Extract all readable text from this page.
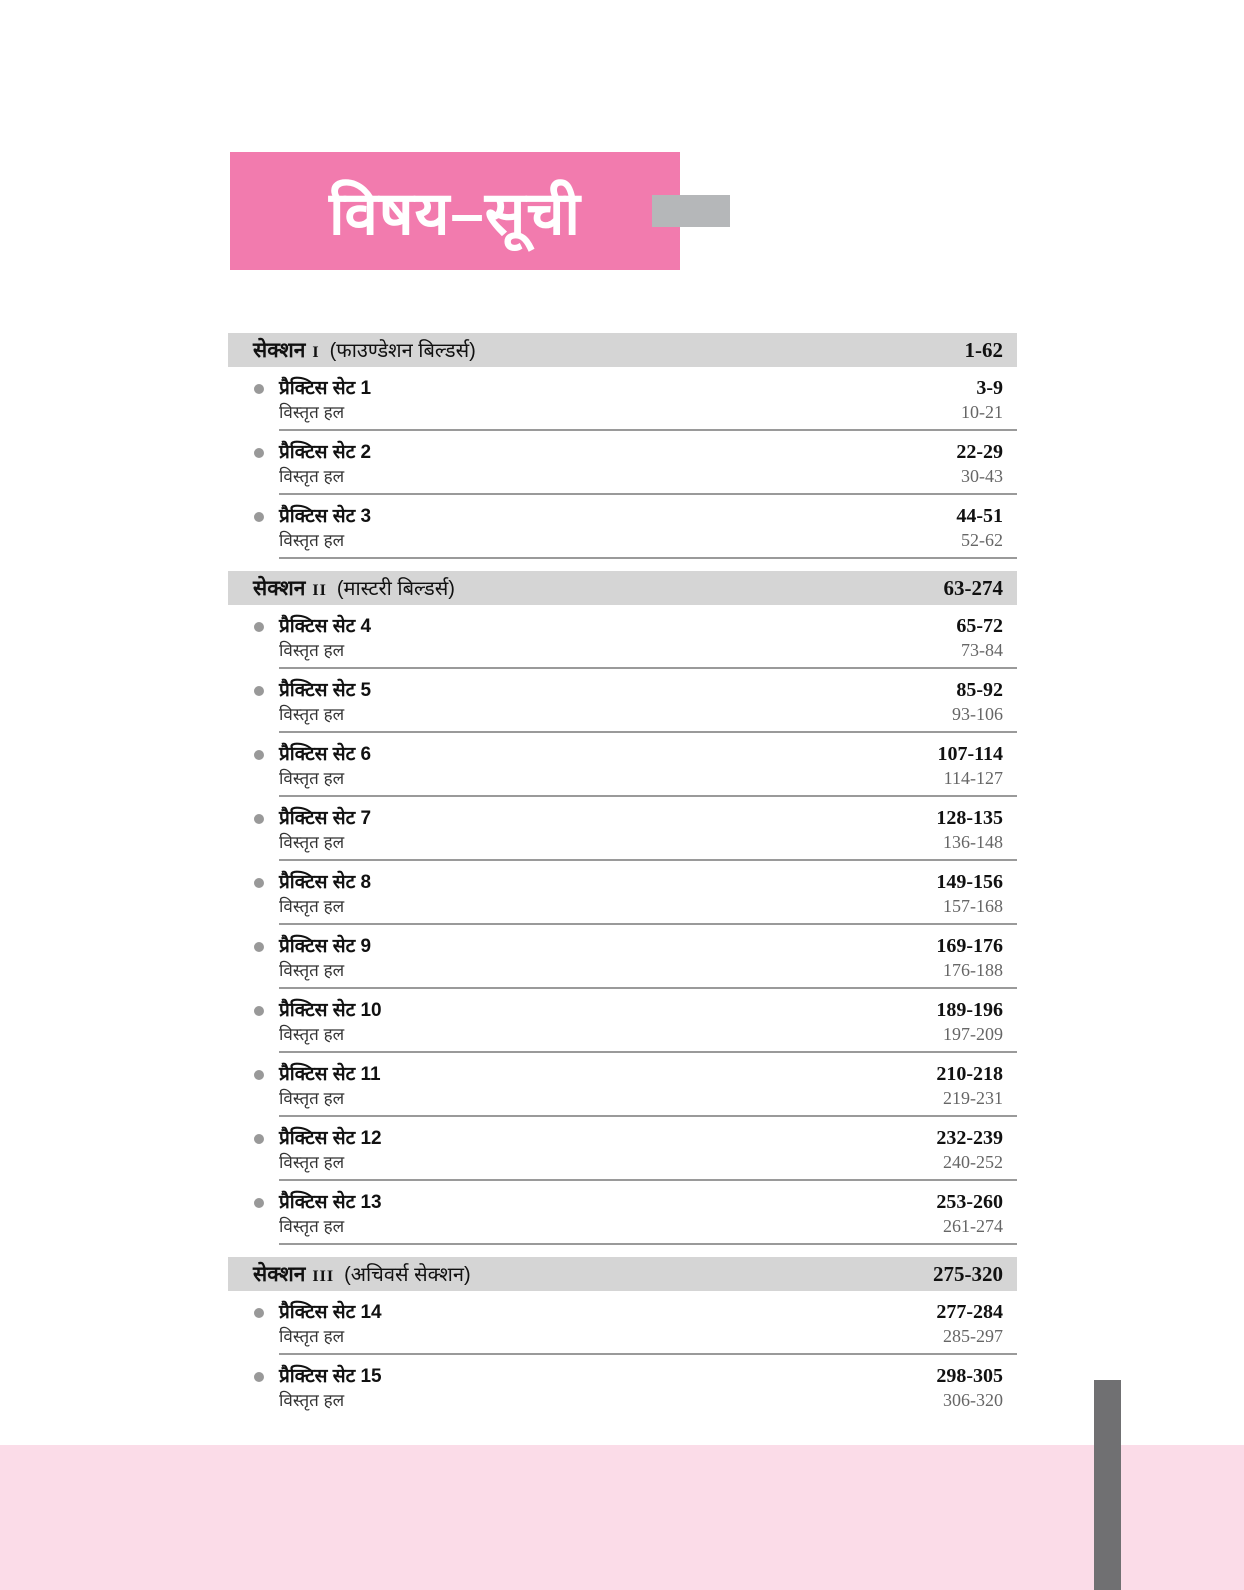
विषय–सूची
सेक्शन I (फाउण्डेशन बिल्डर्स)	1-62
प्रैक्टिस सेट 1	3-9
विस्तृत हल	10-21
प्रैक्टिस सेट 2	22-29
विस्तृत हल	30-43
प्रैक्टिस सेट 3	44-51
विस्तृत हल	52-62
सेक्शन II (मास्टरी बिल्डर्स)	63-274
प्रैक्टिस सेट 4	65-72
विस्तृत हल	73-84
प्रैक्टिस सेट 5	85-92
विस्तृत हल	93-106
प्रैक्टिस सेट 6	107-114
विस्तृत हल	114-127
प्रैक्टिस सेट 7	128-135
विस्तृत हल	136-148
प्रैक्टिस सेट 8	149-156
विस्तृत हल	157-168
प्रैक्टिस सेट 9	169-176
विस्तृत हल	176-188
प्रैक्टिस सेट 10	189-196
विस्तृत हल	197-209
प्रैक्टिस सेट 11	210-218
विस्तृत हल	219-231
प्रैक्टिस सेट 12	232-239
विस्तृत हल	240-252
प्रैक्टिस सेट 13	253-260
विस्तृत हल	261-274
सेक्शन III (अचिवर्स सेक्शन)	275-320
प्रैक्टिस सेट 14	277-284
विस्तृत हल	285-297
प्रैक्टिस सेट 15	298-305
विस्तृत हल	306-320
